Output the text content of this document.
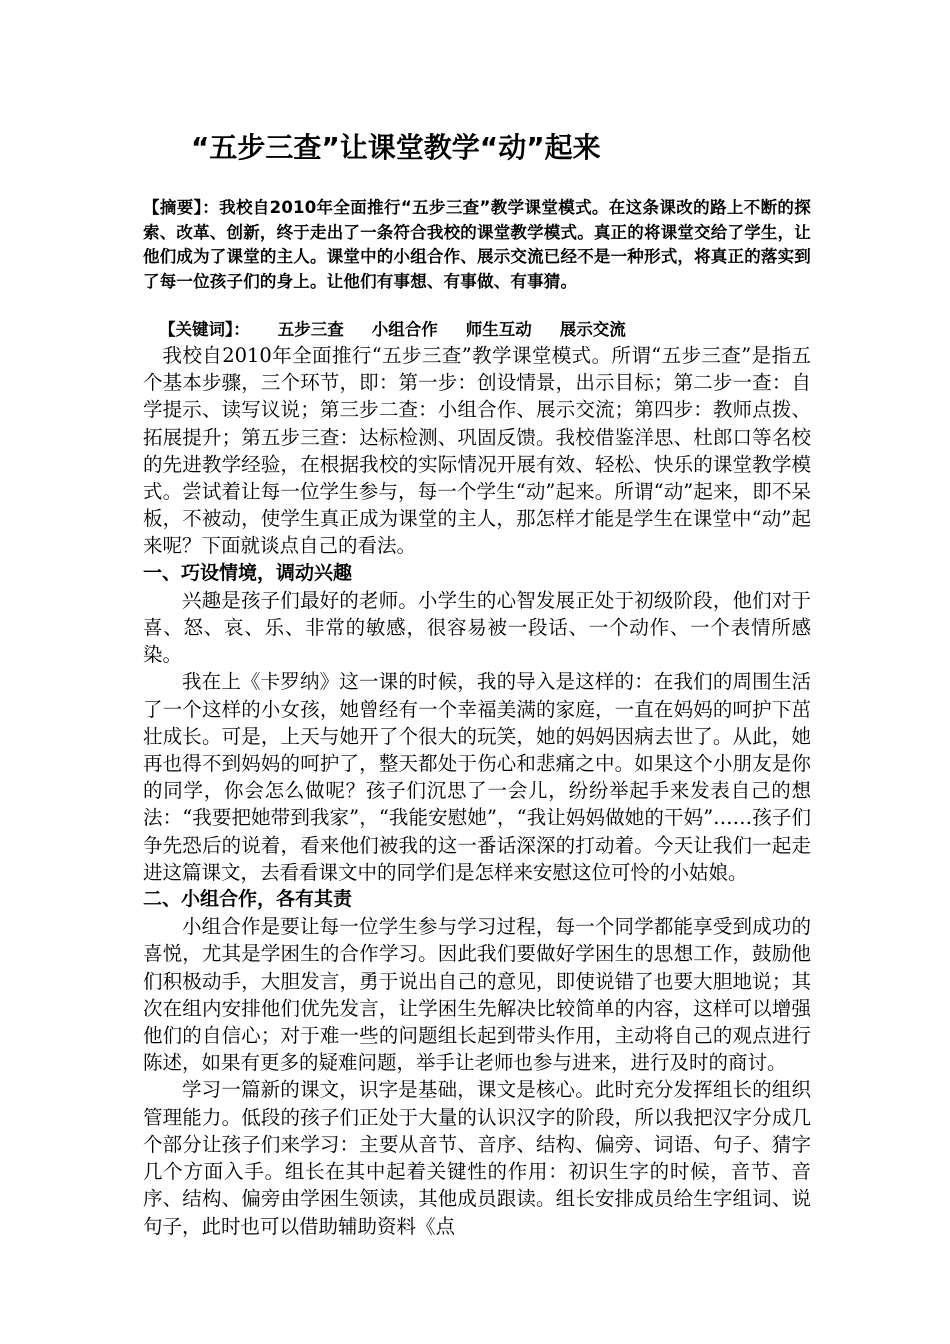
“五步三查”让课堂教学“动”起来
【摘要】：我校自2010年全面推行“五步三查”教学课堂模式。在这条课改的路上不断的探索、改革、创新，终于走出了一条符合我校的课堂教学模式。真正的将课堂交给了学生，让他们成为了课堂的主人。课堂中的小组合作、展示交流已经不是一种形式，将真正的落实到了每一位孩子们的身上。让他们有事想、有事做、有事猜。
【关键词】： 五步三查 小组合作 师生互动 展示交流

我校自2010年全面推行“五步三查”教学课堂模式。所谓“五步三查”是指五个基本步骤，三个环节，即：第一步：创设情景，出示目标；第二步一查：自学提示、读写议说；第三步二查：小组合作、展示交流；第四步：教师点拨、拓展提升；第五步三查：达标检测、巩固反馈。我校借鉴洋思、杜郎口等名校的先进教学经验，在根据我校的实际情况开展有效、轻松、快乐的课堂教学模式。尝试着让每一位学生参与，每一个学生“动”起来。所谓“动”起来，即不呆板，不被动，使学生真正成为课堂的主人，那怎样才能是学生在课堂中“动”起来呢？下面就谈点自己的看法。

一、巧设情境，调动兴趣

兴趣是孩子们最好的老师。小学生的心智发展正处于初级阶段，他们对于喜、怒、哀、乐、非常的敏感，很容易被一段话、一个动作、一个表情所感染。

我在上《卡罗纳》这一课的时候，我的导入是这样的：在我们的周围生活了一个这样的小女孩，她曾经有一个幸福美满的家庭，一直在妈妈的呵护下茁壮成长。可是，上天与她开了个很大的玩笑，她的妈妈因病去世了。从此，她再也得不到妈妈的呵护了，整天都处于伤心和悲痛之中。如果这个小朋友是你的同学，你会怎么做呢？孩子们沉思了一会儿，纷纷举起手来发表自己的想法：“我要把她带到我家”，“我能安慰她”，“我让妈妈做她的干妈”……孩子们争先恐后的说着，看来他们被我的这一番话深深的打动着。今天让我们一起走进这篇课文，去看看课文中的同学们是怎样来安慰这位可怜的小姑娘。

二、小组合作，各有其责

小组合作是要让每一位学生参与学习过程，每一个同学都能享受到成功的喜悦，尤其是学困生的合作学习。因此我们要做好学困生的思想工作，鼓励他们积极动手，大胆发言，勇于说出自己的意见，即使说错了也要大胆地说；其次在组内安排他们优先发言，让学困生先解决比较简单的内容，这样可以增强他们的自信心；对于难一些的问题组长起到带头作用，主动将自己的观点进行陈述，如果有更多的疑难问题，举手让老师也参与进来，进行及时的商讨。

学习一篇新的课文，识字是基础，课文是核心。此时充分发挥组长的组织管理能力。低段的孩子们正处于大量的认识汉字的阶段，所以我把汉字分成几个部分让孩子们来学习：主要从音节、音序、结构、偏旁、词语、句子、猜字几个方面入手。组长在其中起着关键性的作用：初识生字的时候，音节、音序、结构、偏旁由学困生领读，其他成员跟读。组长安排成员给生字组词、说句子，此时也可以借助辅助资料《点
